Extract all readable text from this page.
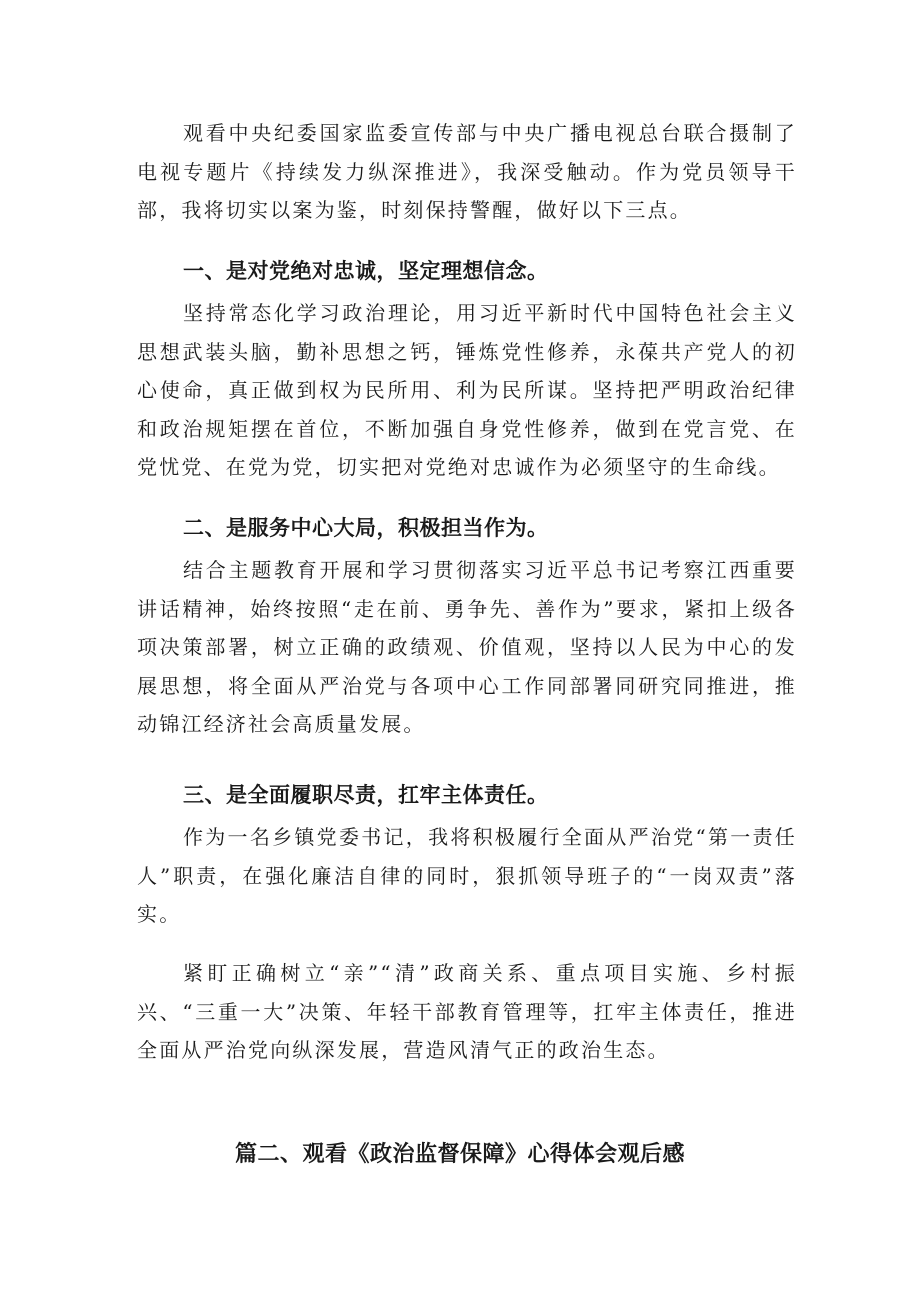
观看中央纪委国家监委宣传部与中央广播电视总台联合摄制了电视专题片《持续发力纵深推进》，我深受触动。作为党员领导干部，我将切实以案为鉴，时刻保持警醒，做好以下三点。

一、是对党绝对忠诚，坚定理想信念。

坚持常态化学习政治理论，用习近平新时代中国特色社会主义思想武装头脑，勤补思想之钙，锤炼党性修养，永葆共产党人的初心使命，真正做到权为民所用、利为民所谋。坚持把严明政治纪律和政治规矩摆在首位，不断加强自身党性修养，做到在党言党、在党忧党、在党为党，切实把对党绝对忠诚作为必须坚守的生命线。

二、是服务中心大局，积极担当作为。

结合主题教育开展和学习贯彻落实习近平总书记考察江西重要讲话精神，始终按照“走在前、勇争先、善作为”要求，紧扣上级各项决策部署，树立正确的政绩观、价值观，坚持以人民为中心的发展思想，将全面从严治党与各项中心工作同部署同研究同推进，推动锦江经济社会高质量发展。

三、是全面履职尽责，扛牢主体责任。

作为一名乡镇党委书记，我将积极履行全面从严治党“第一责任人”职责，在强化廉洁自律的同时，狠抓领导班子的“一岗双责”落实。

紧盯正确树立“亲”“清”政商关系、重点项目实施、乡村振兴、“三重一大”决策、年轻干部教育管理等，扛牢主体责任，推进全面从严治党向纵深发展，营造风清气正的政治生态。

篇二、观看《政治监督保障》心得体会观后感
